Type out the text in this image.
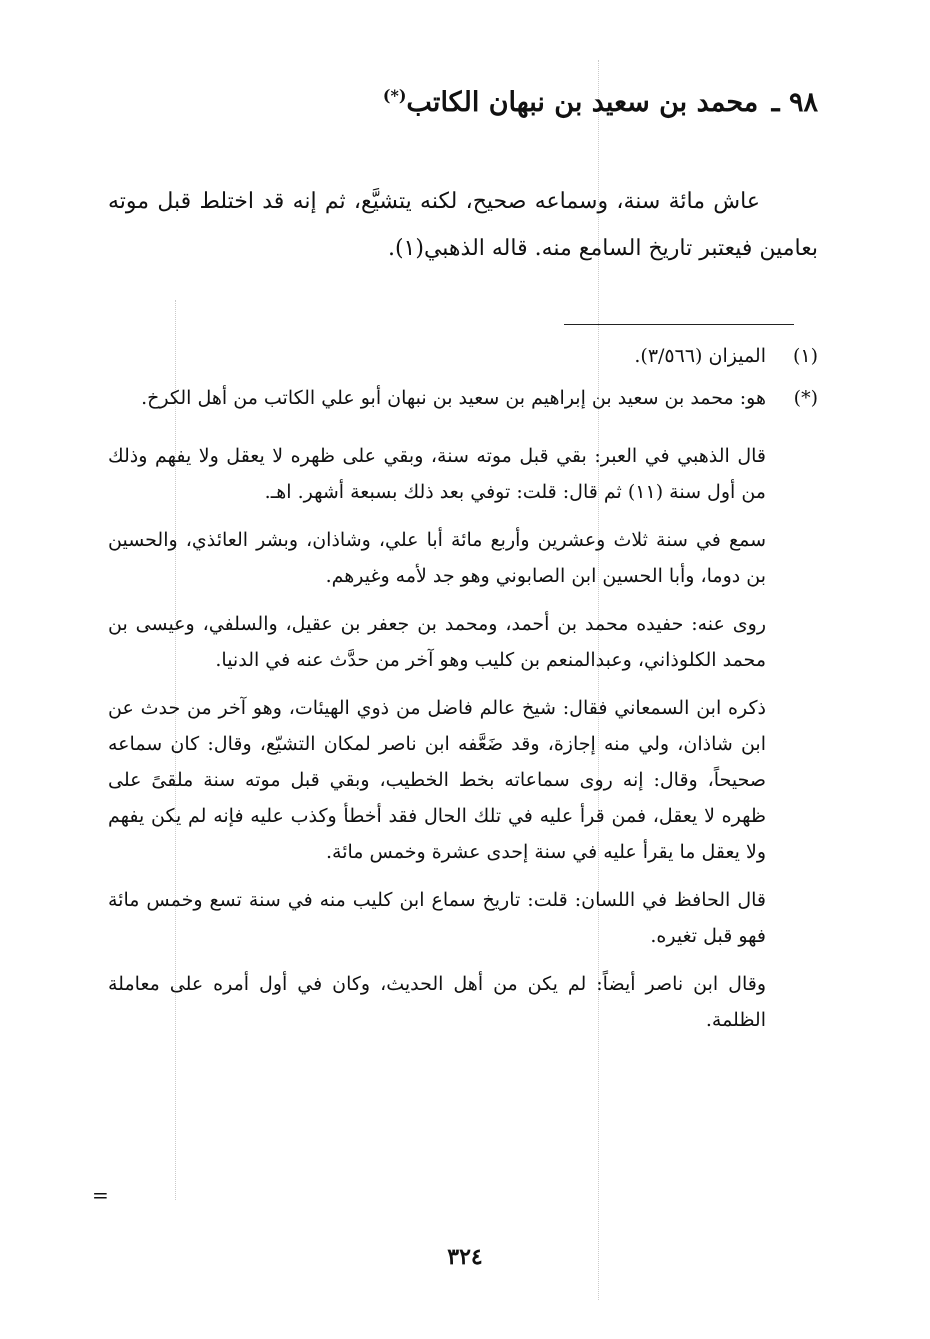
٩٨ ـ محمد بن سعيد بن نبهان الكاتب(*)

عاش مائة سنة، وسماعه صحيح، لكنه يتشيَّع، ثم إنه قد اختلط قبل موته بعامين فيعتبر تاريخ السامع منه. قاله الذهبي(١).

(١)
الميزان (٣/٥٦٦).
(*)
هو: محمد بن سعيد بن إبراهيم بن سعيد بن نبهان أبو علي الكاتب من أهل الكرخ.

قال الذهبي في العبر: بقي قبل موته سنة، وبقي على ظهره لا يعقل ولا يفهم وذلك من أول سنة (١١) ثم قال: قلت: توفي بعد ذلك بسبعة أشهر. اهـ.

سمع في سنة ثلاث وعشرين وأربع مائة أبا علي، وشاذان، وبشر العائذي، والحسين بن دوما، وأبا الحسين ابن الصابوني وهو جد لأمه وغيرهم.

روى عنه: حفيده محمد بن أحمد، ومحمد بن جعفر بن عقيل، والسلفي، وعيسى بن محمد الكلوذاني، وعبدالمنعم بن كليب وهو آخر من حدَّث عنه في الدنيا.

ذكره ابن السمعاني فقال: شيخ عالم فاضل من ذوي الهيئات، وهو آخر من حدث عن ابن شاذان، ولي منه إجازة، وقد ضَعَّفه ابن ناصر لمكان التشيّع، وقال: كان سماعه صحيحاً، وقال: إنه روى سماعاته بخط الخطيب، وبقي قبل موته سنة ملقىً على ظهره لا يعقل، فمن قرأ عليه في تلك الحال فقد أخطأ وكذب عليه فإنه لم يكن يفهم ولا يعقل ما يقرأ عليه في سنة إحدى عشرة وخمس مائة.

قال الحافظ في اللسان: قلت: تاريخ سماع ابن كليب منه في سنة تسع وخمس مائة فهو قبل تغيره.

وقال ابن ناصر أيضاً: لم يكن من أهل الحديث، وكان في أول أمره على معاملة الظلمة.

=
٣٢٤
